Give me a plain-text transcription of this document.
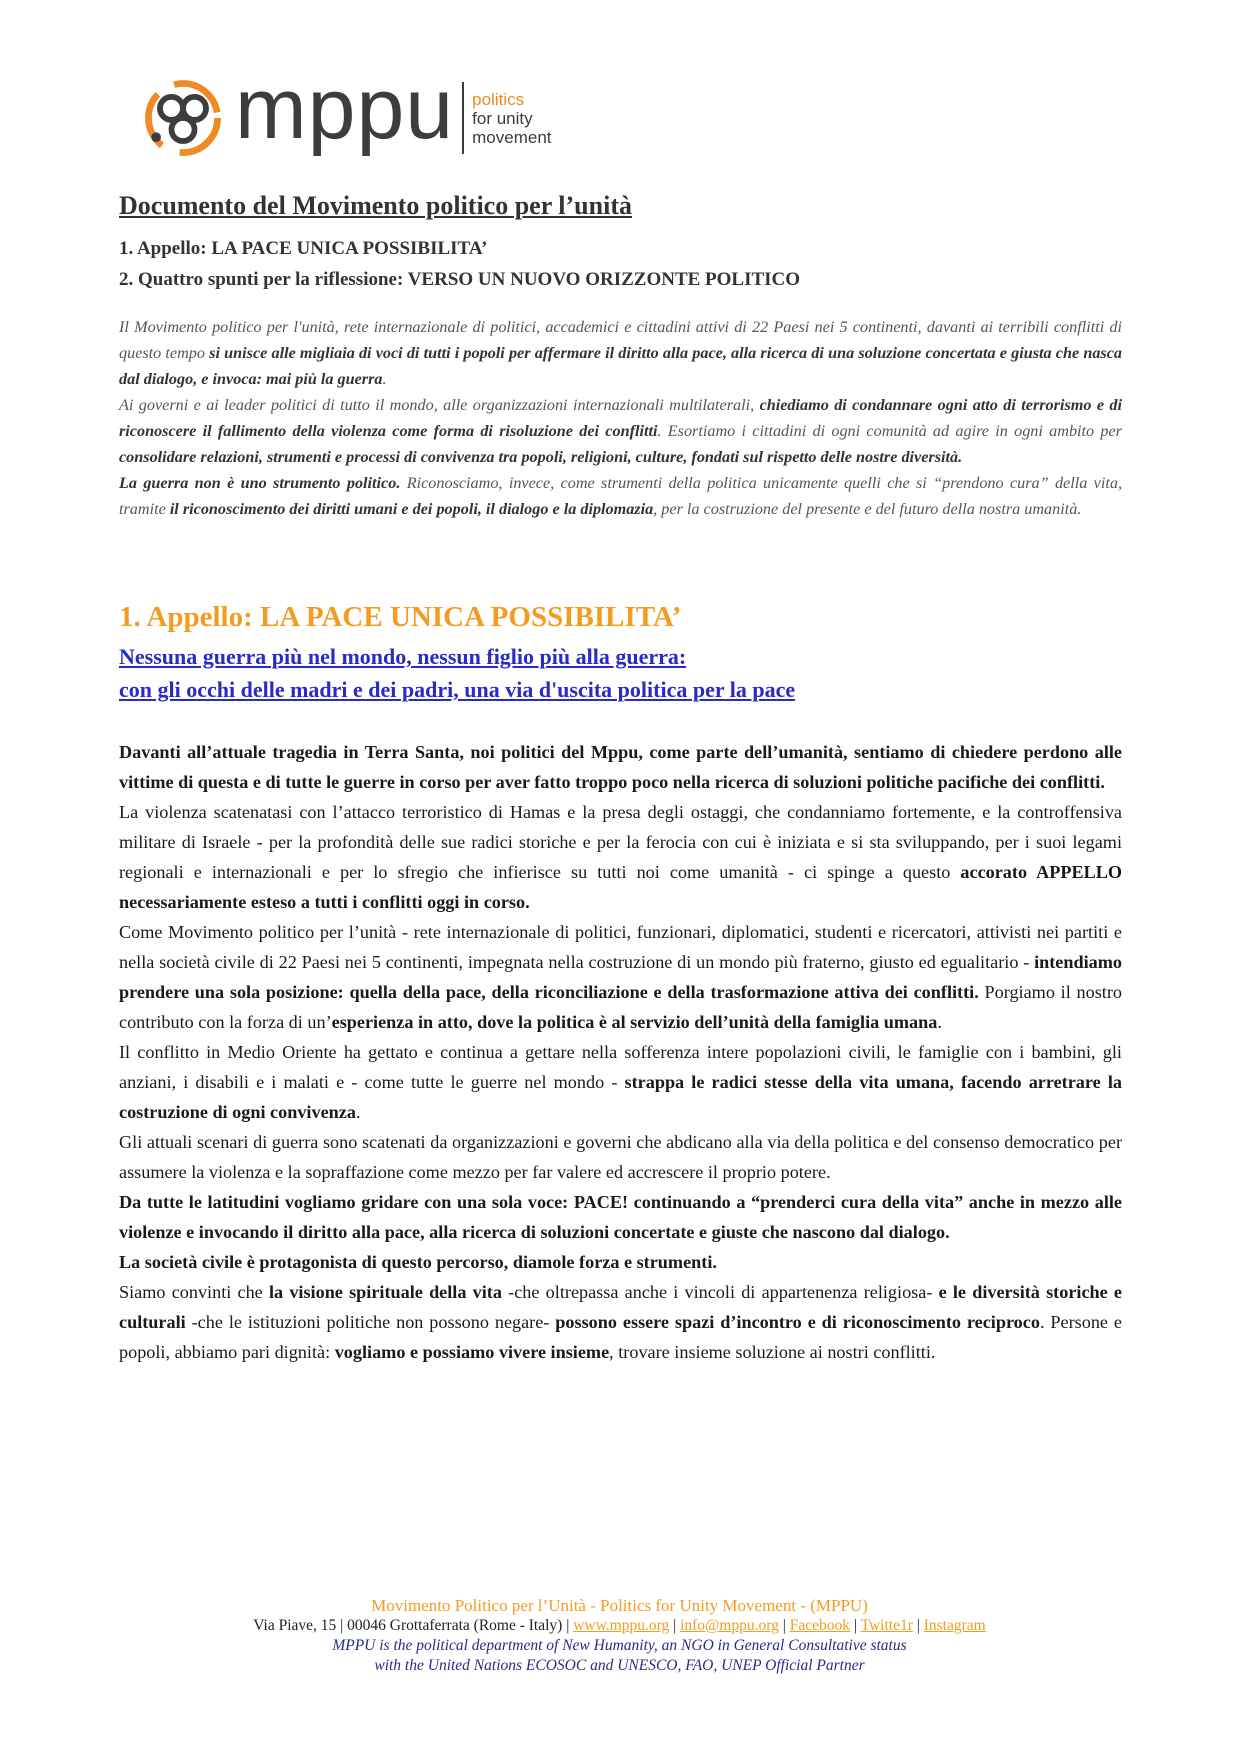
mppu politics
for unity
movement
Documento del Movimento politico per l’unità
1. Appello: LA PACE UNICA POSSIBILITA’
2. Quattro spunti per la riflessione: VERSO UN NUOVO ORIZZONTE POLITICO

Il Movimento politico per l'unità, rete internazionale di politici, accademici e cittadini attivi di 22 Paesi nei 5 continenti, davanti ai terribili conflitti di questo tempo si unisce alle migliaia di voci di tutti i popoli per affermare il diritto alla pace, alla ricerca di una soluzione concertata e giusta che nasca dal dialogo, e invoca: mai più la guerra.

Ai governi e ai leader politici di tutto il mondo, alle organizzazioni internazionali multilaterali, chiediamo di condannare ogni atto di terrorismo e di riconoscere il fallimento della violenza come forma di risoluzione dei conflitti. Esortiamo i cittadini di ogni comunità ad agire in ogni ambito per consolidare relazioni, strumenti e processi di convivenza tra popoli, religioni, culture, fondati sul rispetto delle nostre diversità.

La guerra non è uno strumento politico. Riconosciamo, invece, come strumenti della politica unicamente quelli che si “prendono cura” della vita, tramite il riconoscimento dei diritti umani e dei popoli, il dialogo e la diplomazia, per la costruzione del presente e del futuro della nostra umanità.

1. Appello: LA PACE UNICA POSSIBILITA’
Nessuna guerra più nel mondo, nessun figlio più alla guerra:
con gli occhi delle madri e dei padri, una via d'uscita politica per la pace

Davanti all’attuale tragedia in Terra Santa, noi politici del Mppu, come parte dell’umanità, sentiamo di chiedere perdono alle vittime di questa e di tutte le guerre in corso per aver fatto troppo poco nella ricerca di soluzioni politiche pacifiche dei conflitti.

La violenza scatenatasi con l’attacco terroristico di Hamas e la presa degli ostaggi, che condanniamo fortemente, e la controffensiva militare di Israele - per la profondità delle sue radici storiche e per la ferocia con cui è iniziata e si sta sviluppando, per i suoi legami regionali e internazionali e per lo sfregio che infierisce su tutti noi come umanità - ci spinge a questo accorato APPELLO necessariamente esteso a tutti i conflitti oggi in corso.

Come Movimento politico per l’unità - rete internazionale di politici, funzionari, diplomatici, studenti e ricercatori, attivisti nei partiti e nella società civile di 22 Paesi nei 5 continenti, impegnata nella costruzione di un mondo più fraterno, giusto ed egualitario - intendiamo prendere una sola posizione: quella della pace, della riconciliazione e della trasformazione attiva dei conflitti. Porgiamo il nostro contributo con la forza di un’esperienza in atto, dove la politica è al servizio dell’unità della famiglia umana.

Il conflitto in Medio Oriente ha gettato e continua a gettare nella sofferenza intere popolazioni civili, le famiglie con i bambini, gli anziani, i disabili e i malati e - come tutte le guerre nel mondo - strappa le radici stesse della vita umana, facendo arretrare la costruzione di ogni convivenza.

Gli attuali scenari di guerra sono scatenati da organizzazioni e governi che abdicano alla via della politica e del consenso democratico per assumere la violenza e la sopraffazione come mezzo per far valere ed accrescere il proprio potere.

Da tutte le latitudini vogliamo gridare con una sola voce: PACE! continuando a “prenderci cura della vita” anche in mezzo alle violenze e invocando il diritto alla pace, alla ricerca di soluzioni concertate e giuste che nascono dal dialogo.

La società civile è protagonista di questo percorso, diamole forza e strumenti.

Siamo convinti che la visione spirituale della vita -che oltrepassa anche i vincoli di appartenenza religiosa- e le diversità storiche e culturali -che le istituzioni politiche non possono negare- possono essere spazi d’incontro e di riconoscimento reciproco. Persone e popoli, abbiamo pari dignità: vogliamo e possiamo vivere insieme, trovare insieme soluzione ai nostri conflitti.

Movimento Politico per l’Unità - Politics for Unity Movement - (MPPU)
Via Piave, 15 | 00046 Grottaferrata (Rome - Italy) | www.mppu.org | info@mppu.org | Facebook | Twitte1r | Instagram
MPPU is the political department of New Humanity, an NGO in General Consultative status
with the United Nations ECOSOC and UNESCO, FAO, UNEP Official Partner
